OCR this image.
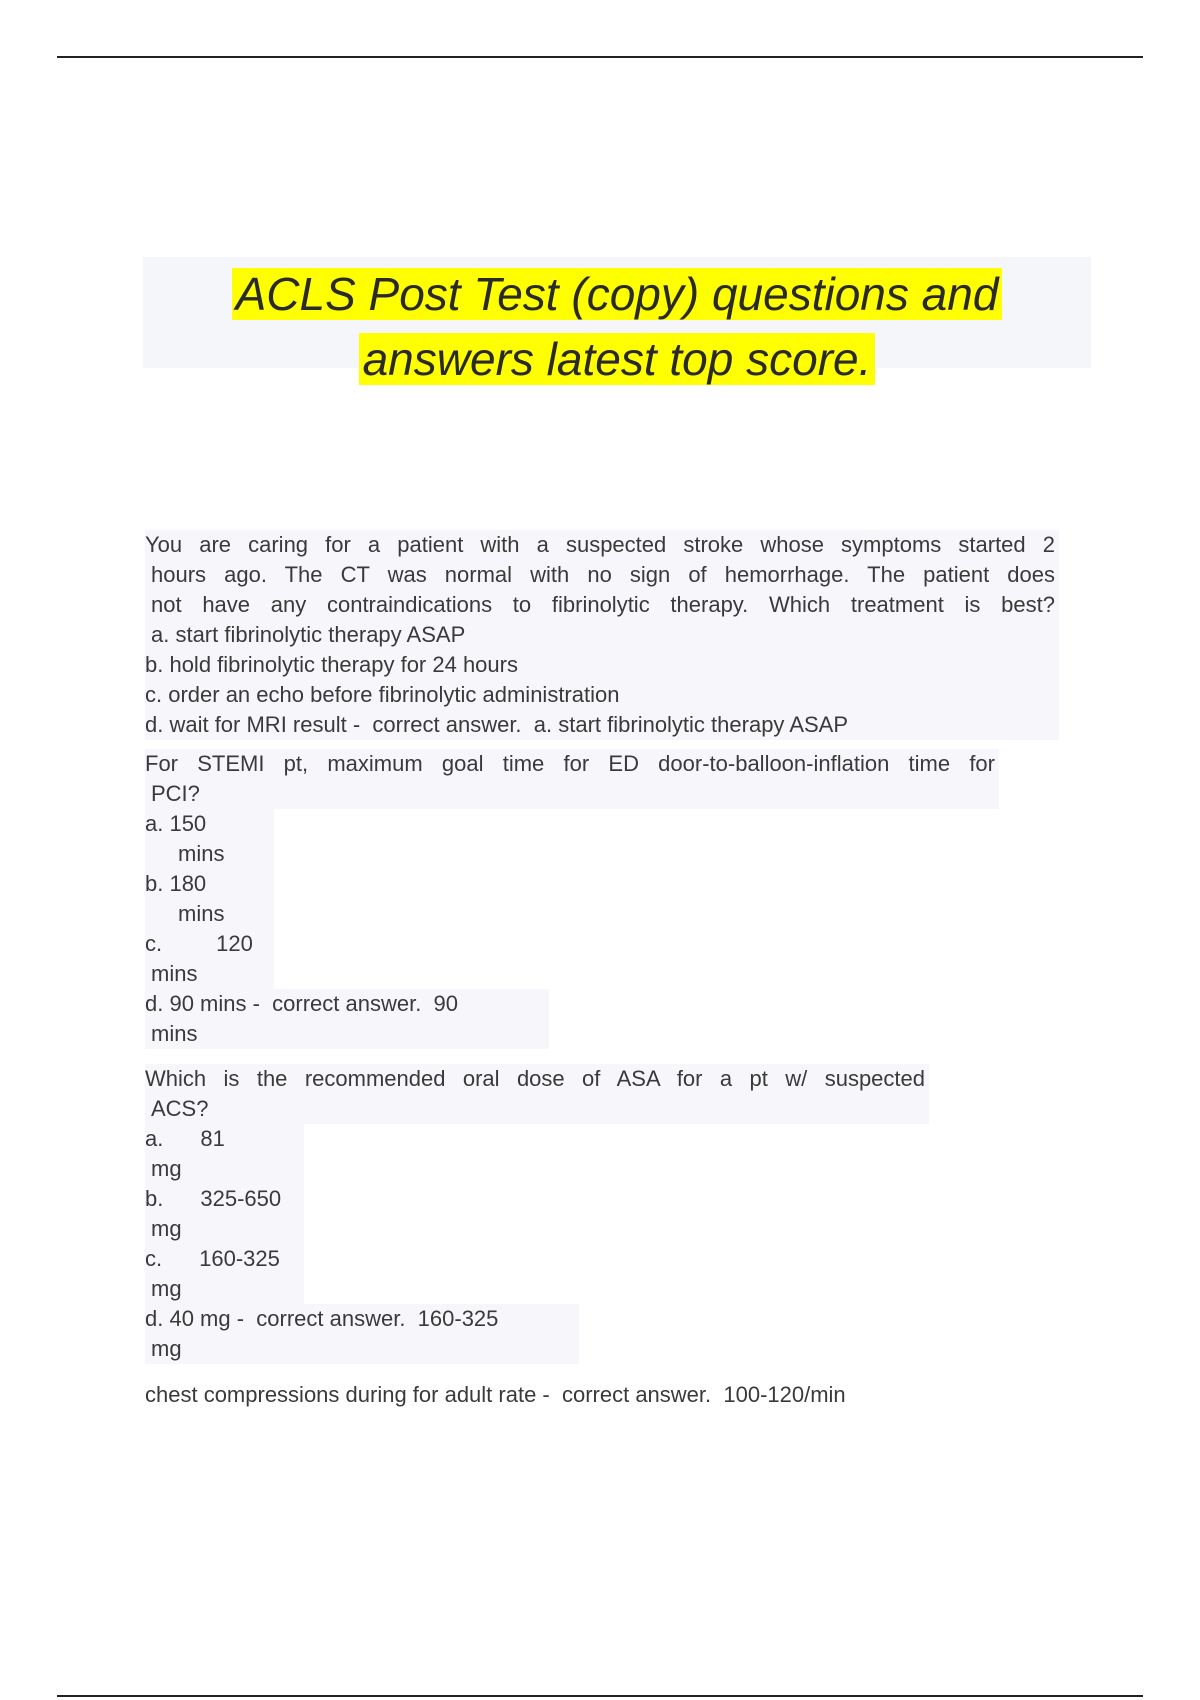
ACLS Post Test (copy) questions and
answers latest top score.
You are caring for a patient with a suspected stroke whose symptoms started 2
hours ago. The CT was normal with no sign of hemorrhage. The patient does
not have any contraindications to fibrinolytic therapy. Which treatment is best?
a. start fibrinolytic therapy ASAP
b. hold fibrinolytic therapy for 24 hours
c. order an echo before fibrinolytic administration
d. wait for MRI result -  correct answer.  a. start fibrinolytic therapy ASAP
For STEMI pt, maximum goal time for ED door-to-balloon-inflation time for
PCI?
a. 150
mins
b. 180
mins
c. 120
mins
d. 90 mins -  correct answer.  90
mins
Which is the recommended oral dose of ASA for a pt w/ suspected
ACS?
a. 81
mg
b. 325-650
mg
c. 160-325
mg
d. 40 mg -  correct answer.  160-325
mg
chest compressions during for adult rate -  correct answer.  100-120/min
